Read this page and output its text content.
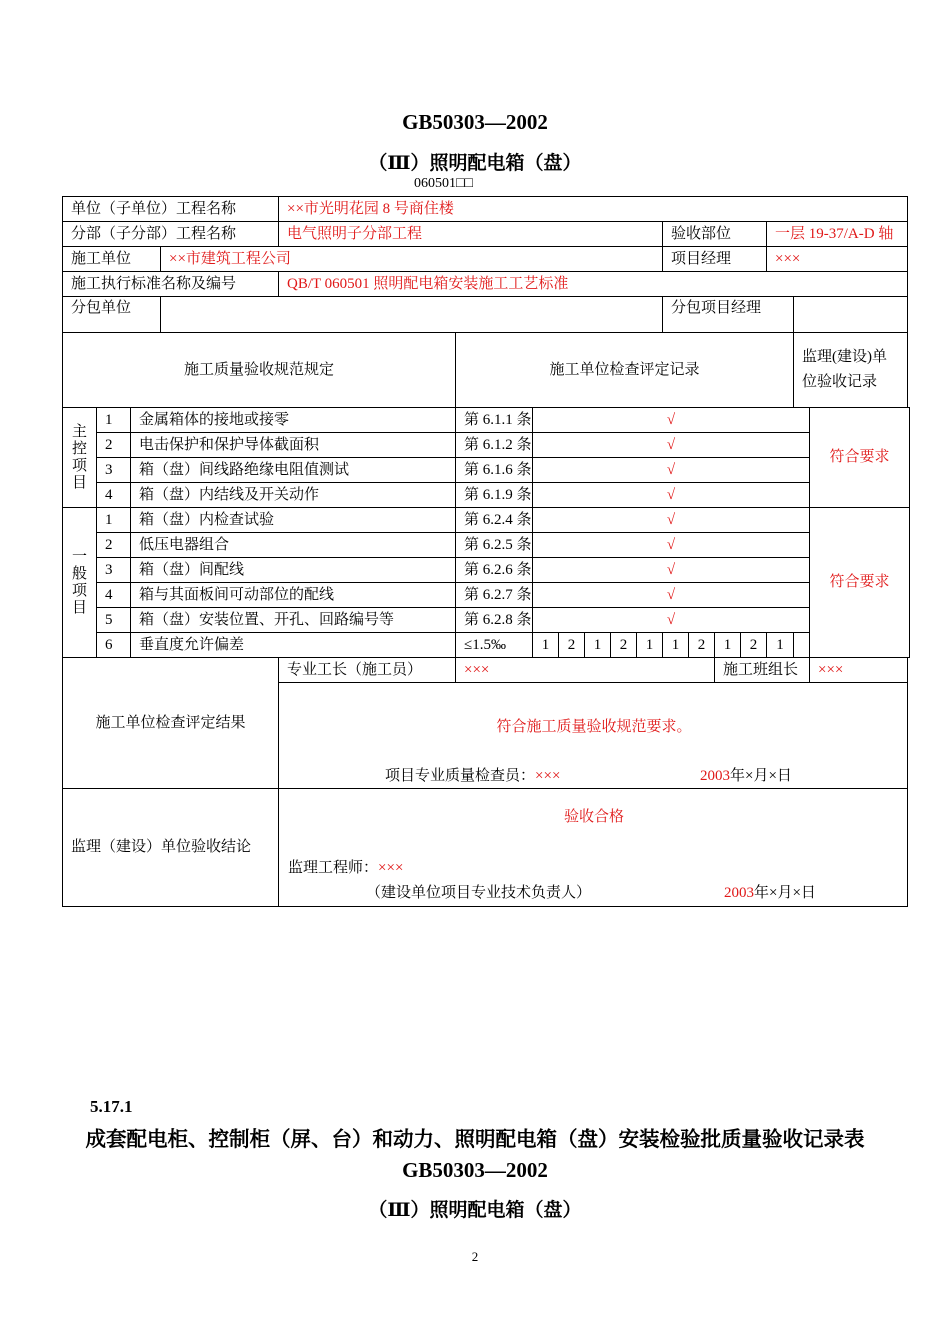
GB50303—2002
（Ⅲ）照明配电箱（盘）
060501□□
单位（子单位）工程名称				××市光明花园 8 号商住楼													
分部（子分部）工程名称				电气照明子分部工程							验收部位				一层 19-37/A-D 轴		
施工单位			××市建筑工程公司								项目经理				×××		
施工执行标准名称及编号				QB/T 060501 照明配电箱安装施工工艺标准													
分包单位											分包项目经理						
施工质量验收规范规定					施工单位检查评定记录											监理(建设)单位验收记录	
主
控
项
目	1	金属箱体的接地或接零			第 6.1.1 条	√											符合要求
	2	电击保护和保护导体截面积			第 6.1.2 条	√											
	3	箱（盘）间线路绝缘电阻值测试			第 6.1.6 条	√											
	4	箱（盘）内结线及开关动作			第 6.1.9 条	√											
一
般
项
目	1	箱（盘）内检查试验			第 6.2.4 条	√											符合要求
	2	低压电器组合			第 6.2.5 条	√											
	3	箱（盘）间配线			第 6.2.6 条	√											
	4	箱与其面板间可动部位的配线			第 6.2.7 条	√											
	5	箱（盘）安装位置、开孔、回路编号等			第 6.2.8 条	√											
	6	垂直度允许偏差			≤1.5‰	1	2	1	2	1	1	2	1	2	1		
施工单位检查评定结果				专业工长（施工员）	×××								施工班组长				×××

				符合施工质量验收规范要求。
项目专业质量检查员：××× 2003年×月×日													

监理（建设）单位验收结论				验收合格
监理工程师：×××
（建设单位项目专业技术负责人） 2003年×月×日													
5.17.1
成套配电柜、控制柜（屏、台）和动力、照明配电箱（盘）安装检验批质量验收记录表
GB50303—2002
（Ⅲ）照明配电箱（盘）
2
